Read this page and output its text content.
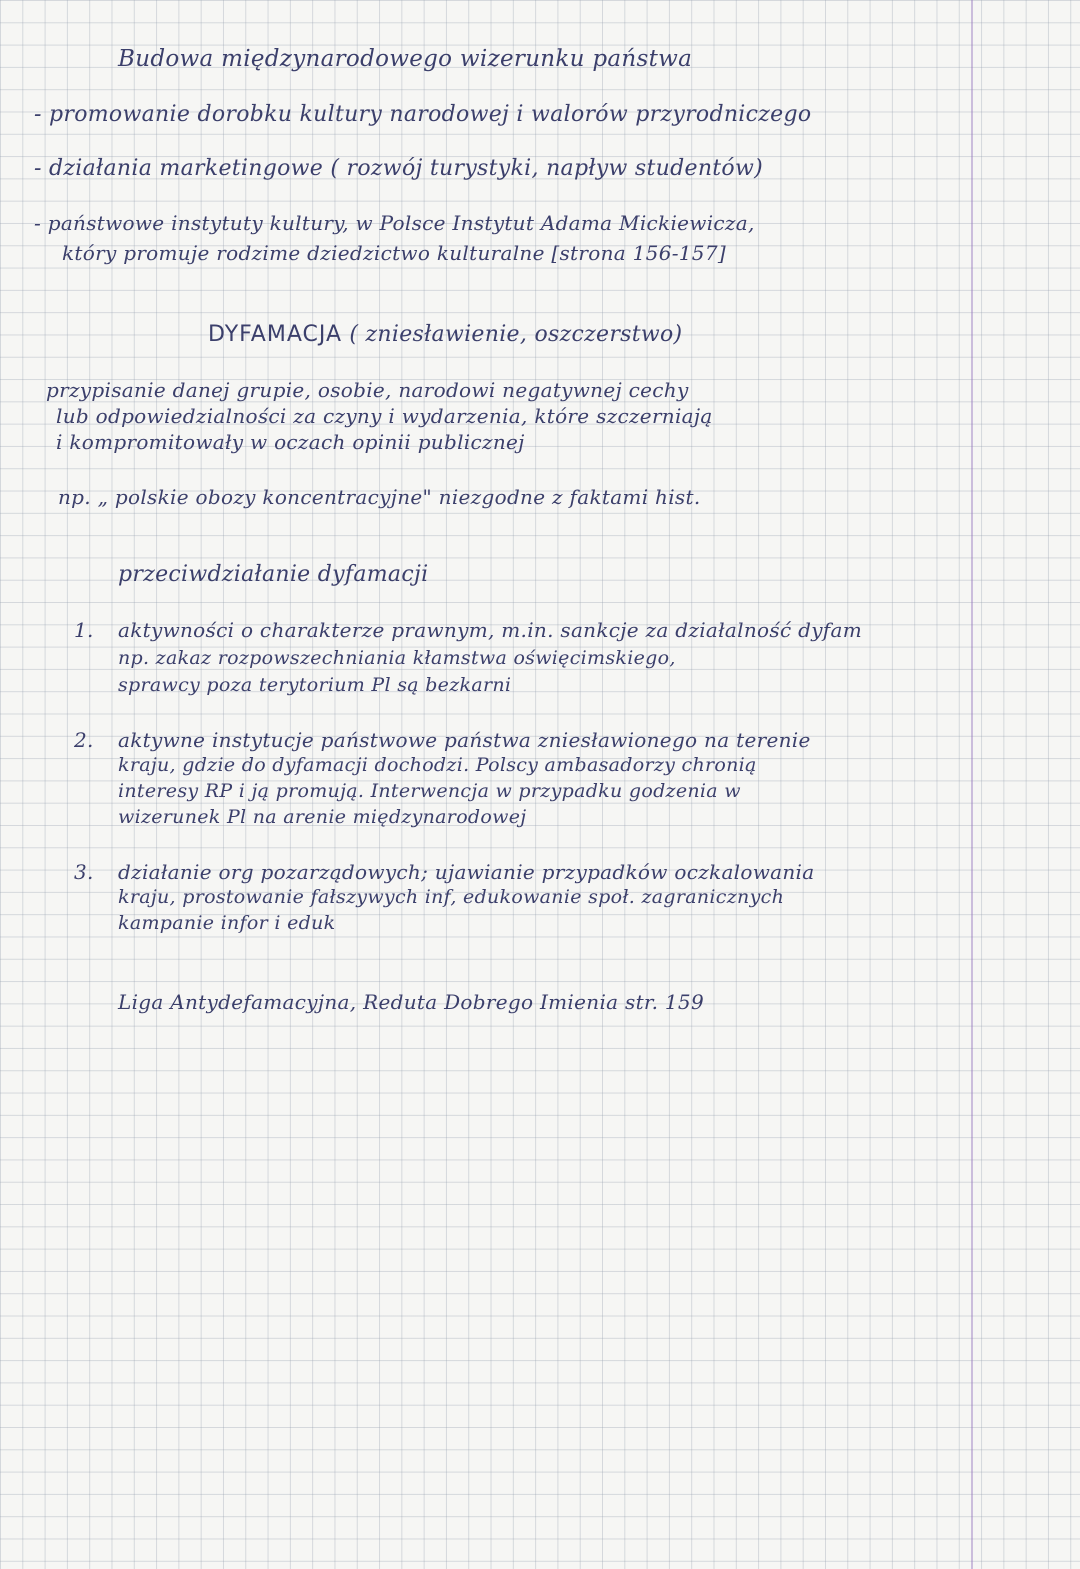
Budowa międzynarodowego wizerunku państwa
- promowanie dorobku kultury narodowej i walorów przyrodniczego
- działania marketingowe ( rozwój turystyki, napływ studentów)
- państwowe instytuty kultury, w Polsce Instytut Adama Mickiewicza,
który promuje rodzime dziedzictwo kulturalne [strona 156-157]
DYFAMACJA ( zniesławienie, oszczerstwo)
przypisanie danej grupie, osobie, narodowi negatywnej cechy
lub odpowiedzialności za czyny i wydarzenia, które szczerniają
i kompromitowały w oczach opinii publicznej
np. „ polskie obozy koncentracyjne" niezgodne z faktami hist.
przeciwdziałanie dyfamacji
1. aktywności o charakterze prawnym, m.in. sankcje za działalność dyfam
np. zakaz rozpowszechniania kłamstwa oświęcimskiego,
sprawcy poza terytorium Pl są bezkarni
2. aktywne instytucje państwowe państwa zniesławionego na terenie
kraju, gdzie do dyfamacji dochodzi. Polscy ambasadorzy chronią
interesy RP i ją promują. Interwencja w przypadku godzenia w
wizerunek Pl na arenie międzynarodowej
3. działanie org pozarządowych; ujawianie przypadków oczkalowania
kraju, prostowanie fałszywych inf, edukowanie społ. zagranicznych
kampanie infor i eduk
Liga Antydefamacyjna, Reduta Dobrego Imienia str. 159
